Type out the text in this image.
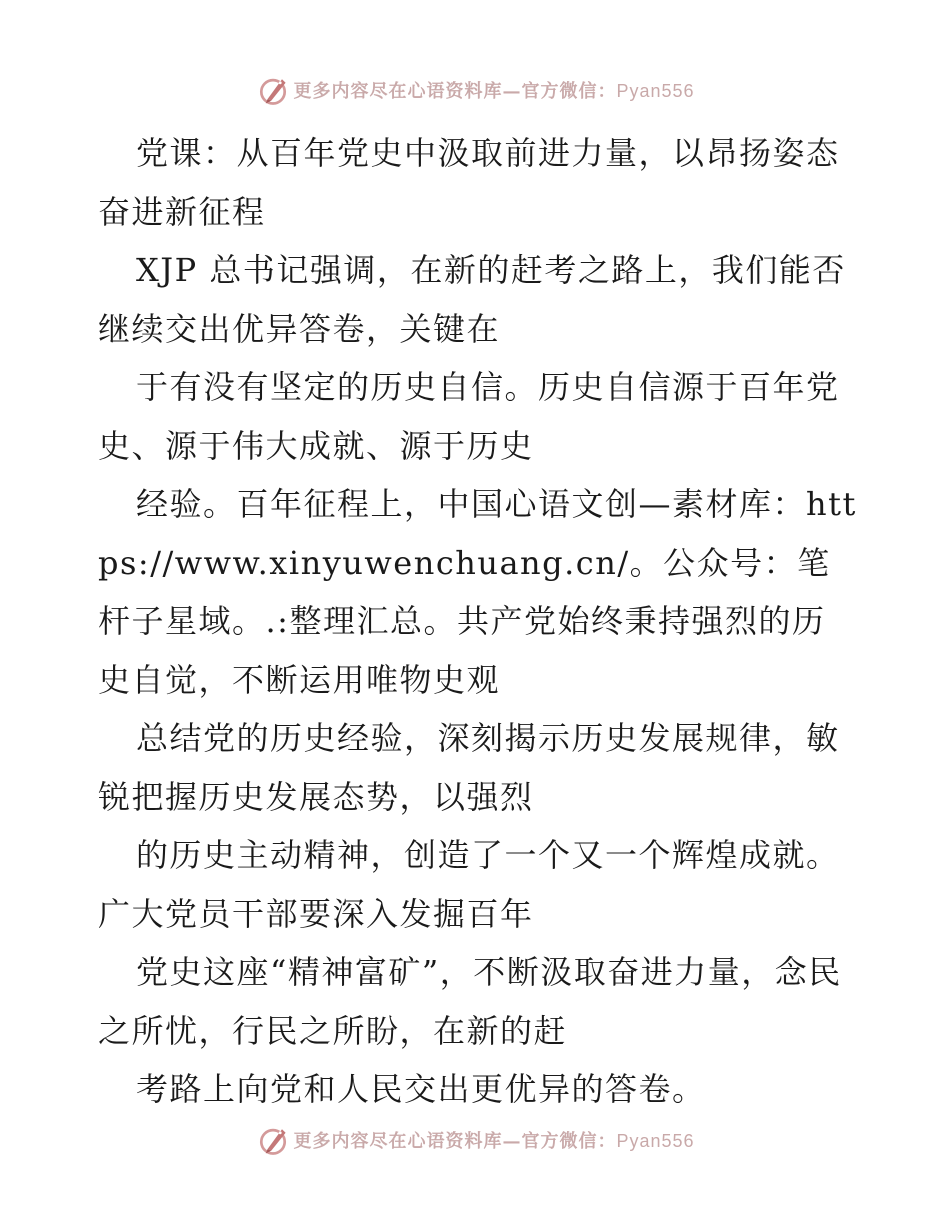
更多内容尽在心语资料库—官方微信：Pyan556

党课：从百年党史中汲取前进力量，以昂扬姿态奋进新征程

XJP 总书记强调，在新的赶考之路上，我们能否继续交出优异答卷，关键在

于有没有坚定的历史自信。历史自信源于百年党史、源于伟大成就、源于历史

经验。百年征程上，中国心语文创—素材库：https://www.xinyuwenchuang.cn/。公众号：笔杆子星域。.:整理汇总。共产党始终秉持强烈的历史自觉，不断运用唯物史观

总结党的历史经验，深刻揭示历史发展规律，敏锐把握历史发展态势，以强烈

的历史主动精神，创造了一个又一个辉煌成就。广大党员干部要深入发掘百年

党史这座“精神富矿”，不断汲取奋进力量，念民之所忧，行民之所盼，在新的赶

考路上向党和人民交出更优异的答卷。

更多内容尽在心语资料库—官方微信：Pyan556
